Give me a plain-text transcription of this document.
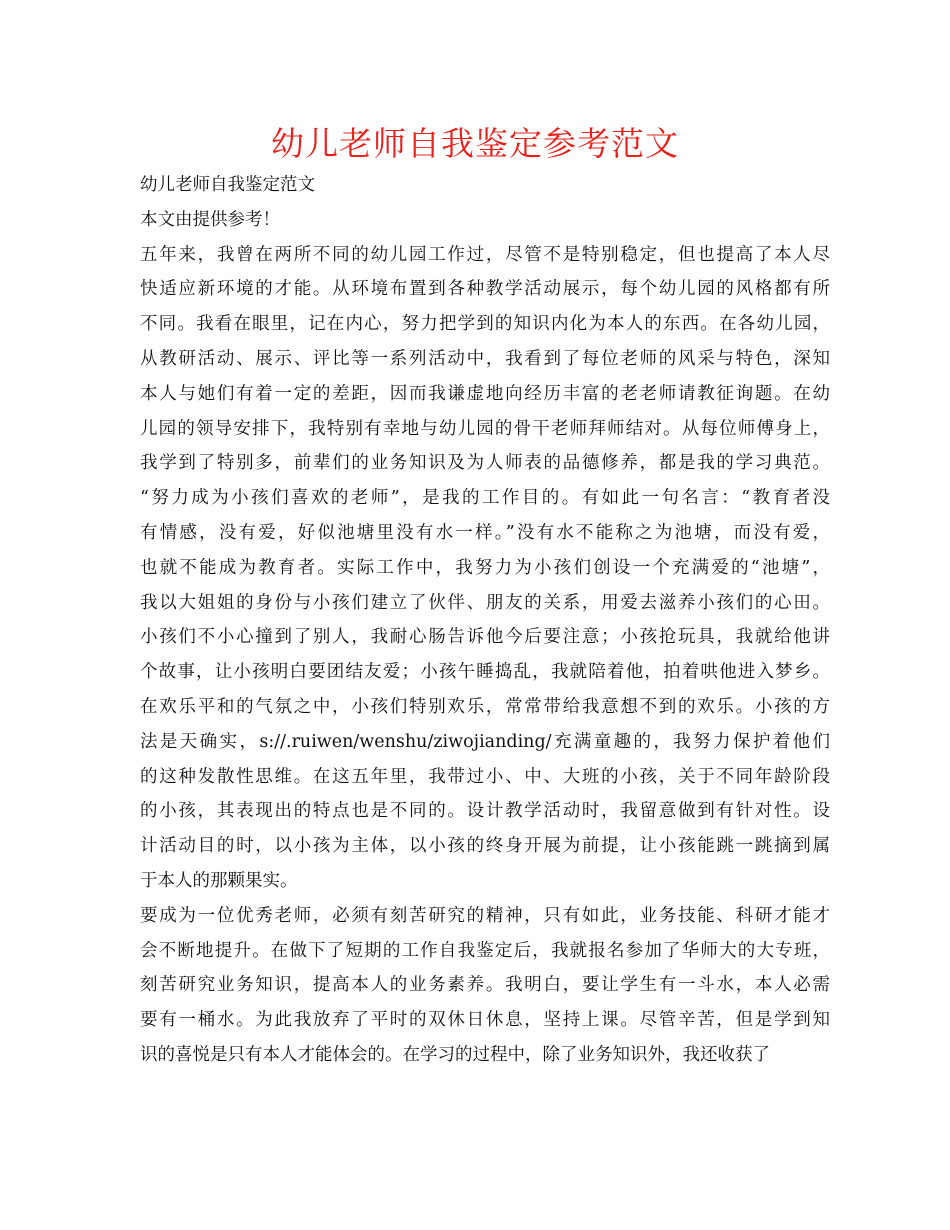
幼儿老师自我鉴定参考范文
幼儿老师自我鉴定范文
本文由提供参考！
五年来，我曾在两所不同的幼儿园工作过，尽管不是特别稳定，但也提高了本人尽
快适应新环境的才能。从环境布置到各种教学活动展示，每个幼儿园的风格都有所
不同。我看在眼里，记在内心，努力把学到的知识内化为本人的东西。在各幼儿园，
从教研活动、展示、评比等一系列活动中，我看到了每位老师的风采与特色，深知
本人与她们有着一定的差距，因而我谦虚地向经历丰富的老老师请教征询题。在幼
儿园的领导安排下，我特别有幸地与幼儿园的骨干老师拜师结对。从每位师傅身上，
我学到了特别多，前辈们的业务知识及为人师表的品德修养，都是我的学习典范。
“努力成为小孩们喜欢的老师”，是我的工作目的。有如此一句名言：“教育者没
有情感，没有爱，好似池塘里没有水一样。”没有水不能称之为池塘，而没有爱，
也就不能成为教育者。实际工作中，我努力为小孩们创设一个充满爱的“池塘”，
我以大姐姐的身份与小孩们建立了伙伴、朋友的关系，用爱去滋养小孩们的心田。
小孩们不小心撞到了别人，我耐心肠告诉他今后要注意；小孩抢玩具，我就给他讲
个故事，让小孩明白要团结友爱；小孩午睡捣乱，我就陪着他，拍着哄他进入梦乡。
在欢乐平和的气氛之中，小孩们特别欢乐，常常带给我意想不到的欢乐。小孩的方
法是天确实，s://.ruiwen/wenshu/ziwojianding/充满童趣的，我努力保护着他们
的这种发散性思维。在这五年里，我带过小、中、大班的小孩，关于不同年龄阶段
的小孩，其表现出的特点也是不同的。设计教学活动时，我留意做到有针对性。设
计活动目的时，以小孩为主体，以小孩的终身开展为前提，让小孩能跳一跳摘到属
于本人的那颗果实。
要成为一位优秀老师，必须有刻苦研究的精神，只有如此，业务技能、科研才能才
会不断地提升。在做下了短期的工作自我鉴定后，我就报名参加了华师大的大专班，
刻苦研究业务知识，提高本人的业务素养。我明白，要让学生有一斗水，本人必需
要有一桶水。为此我放弃了平时的双休日休息，坚持上课。尽管辛苦，但是学到知
识的喜悦是只有本人才能体会的。在学习的过程中，除了业务知识外，我还收获了
